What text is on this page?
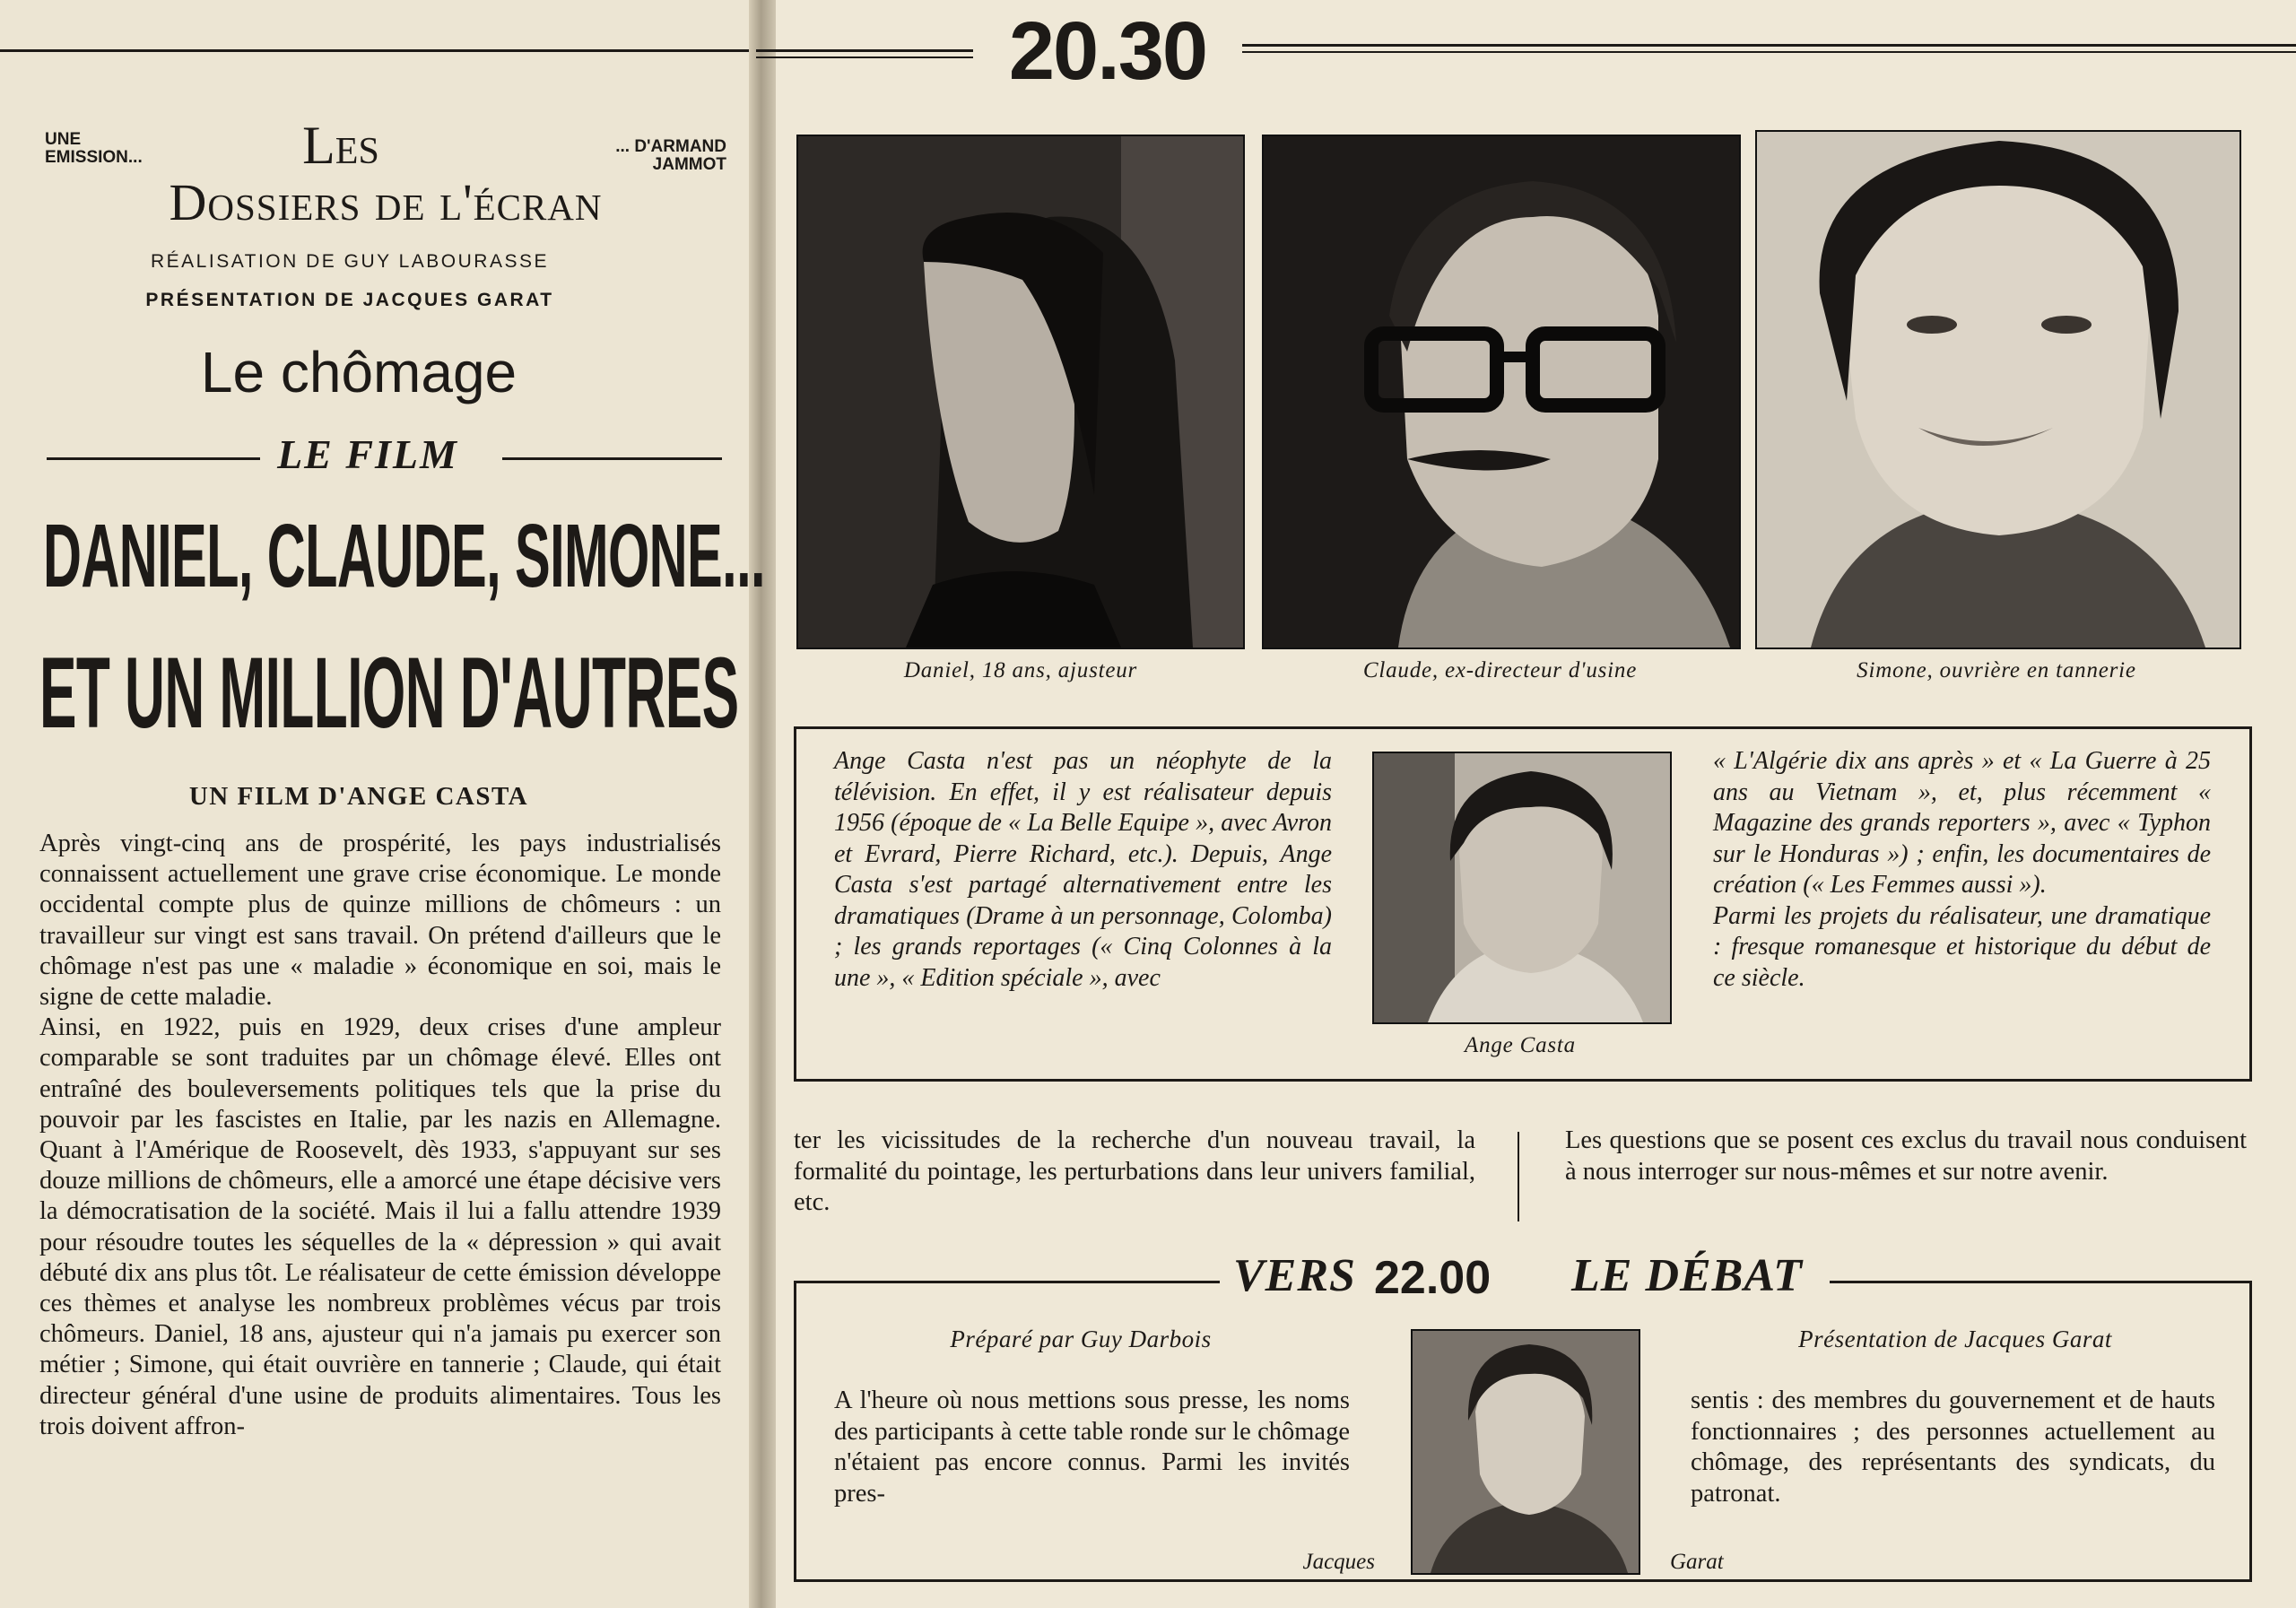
UNE
EMISSION...
... D'ARMAND
JAMMOT
Les
Dossiers de l'écran
RÉALISATION DE GUY LABOURASSE
PRÉSENTATION DE JACQUES GARAT
Le chômage
LE FILM
DANIEL, CLAUDE, SIMONE...
ET UN MILLION D'AUTRES
UN FILM D'ANGE CASTA

Après vingt-cinq ans de prospérité, les pays industrialisés connaissent actuellement une grave crise économique. Le monde occidental compte plus de quinze millions de chômeurs : un travailleur sur vingt est sans travail. On prétend d'ailleurs que le chômage n'est pas une « maladie » économique en soi, mais le signe de cette maladie.

Ainsi, en 1922, puis en 1929, deux crises d'une ampleur comparable se sont traduites par un chômage élevé. Elles ont entraîné des bouleversements politiques tels que la prise du pouvoir par les fascistes en Italie, par les nazis en Allemagne. Quant à l'Amérique de Roosevelt, dès 1933, s'appuyant sur ses douze millions de chômeurs, elle a amorcé une étape décisive vers la démocratisation de la société. Mais il lui a fallu attendre 1939 pour résoudre toutes les séquelles de la « dépression » qui avait débuté dix ans plus tôt. Le réalisateur de cette émission développe ces thèmes et analyse les nombreux problèmes vécus par trois chômeurs. Daniel, 18 ans, ajusteur qui n'a jamais pu exercer son métier ; Simone, qui était ouvrière en tannerie ; Claude, qui était directeur général d'une usine de produits alimentaires. Tous les trois doivent affron-

20.30
Daniel, 18 ans, ajusteur	Claude, ex-directeur d'usine	Simone, ouvrière en tannerie
Ange Casta n'est pas un néophyte de la télévision. En effet, il y est réalisateur depuis 1956 (époque de « La Belle Equipe », avec Avron et Evrard, Pierre Richard, etc.). Depuis, Ange Casta s'est partagé alternativement entre les dramatiques (Drame à un personnage, Colomba) ; les grands reportages (« Cinq Colonnes à la une », « Edition spéciale », avec
Ange Casta
« L'Algérie dix ans après » et « La Guerre à 25 ans au Vietnam », et, plus récemment « Magazine des grands reporters », avec « Typhon sur le Honduras ») ; enfin, les documentaires de création (« Les Femmes aussi »).
Parmi les projets du réalisateur, une dramatique : fresque romanesque et historique du début de ce siècle.
ter les vicissitudes de la recherche d'un nouveau travail, la formalité du pointage, les perturbations dans leur univers familial, etc.
Les questions que se posent ces exclus du travail nous conduisent à nous interroger sur nous-mêmes et sur notre avenir.
VERS 22.00 LE DÉBAT
Préparé par Guy Darbois	Présentation de Jacques Garat
A l'heure où nous mettions sous presse, les noms des participants à cette table ronde sur le chômage n'étaient pas encore connus. Parmi les invités pres-
sentis : des membres du gouvernement et de hauts fonctionnaires ; des personnes actuellement au chômage, des représentants des syndicats, du patronat.
Jacques	Garat
